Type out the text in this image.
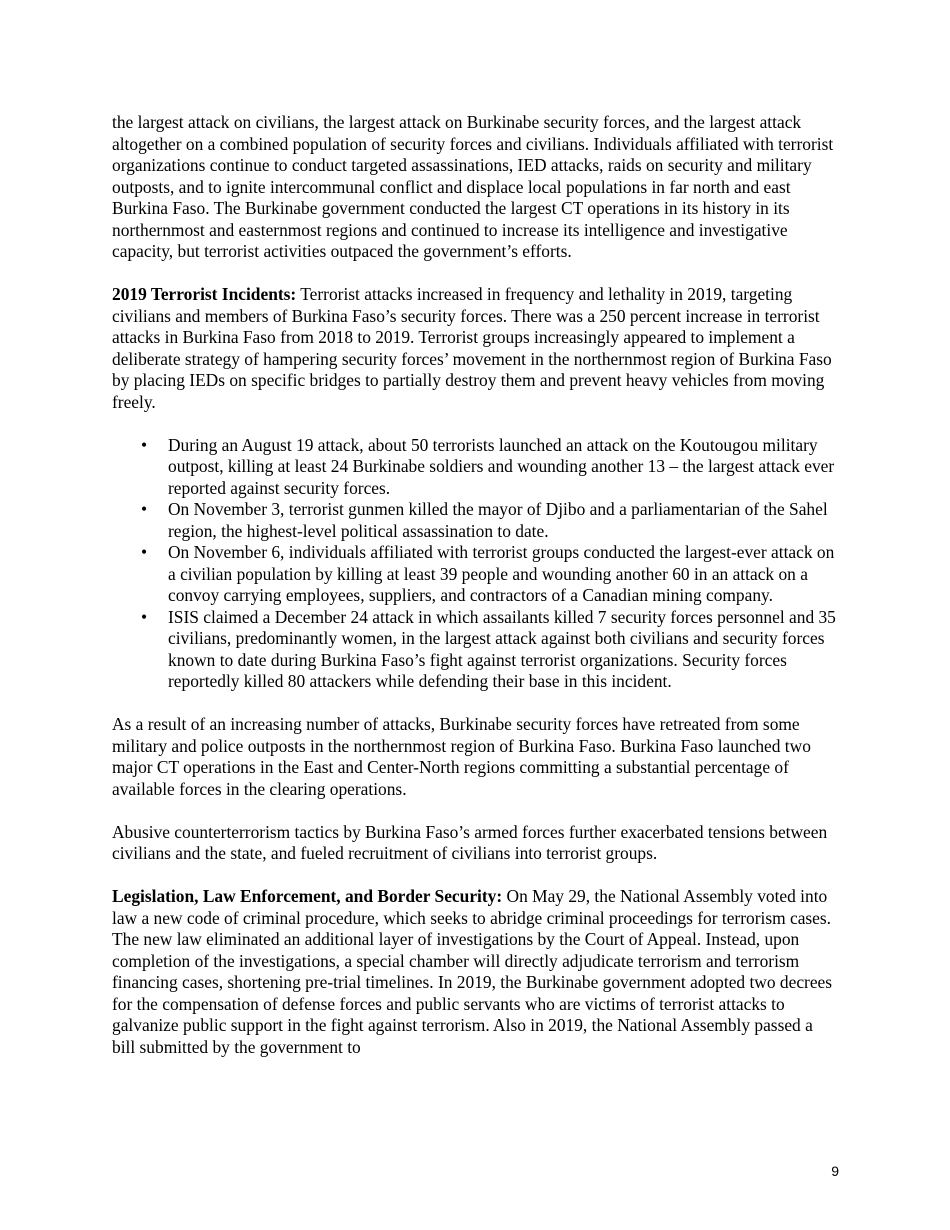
the largest attack on civilians, the largest attack on Burkinabe security forces, and the largest attack altogether on a combined population of security forces and civilians. Individuals affiliated with terrorist organizations continue to conduct targeted assassinations, IED attacks, raids on security and military outposts, and to ignite intercommunal conflict and displace local populations in far north and east Burkina Faso. The Burkinabe government conducted the largest CT operations in its history in its northernmost and easternmost regions and continued to increase its intelligence and investigative capacity, but terrorist activities outpaced the government’s efforts.

2019 Terrorist Incidents: Terrorist attacks increased in frequency and lethality in 2019, targeting civilians and members of Burkina Faso’s security forces. There was a 250 percent increase in terrorist attacks in Burkina Faso from 2018 to 2019. Terrorist groups increasingly appeared to implement a deliberate strategy of hampering security forces’ movement in the northernmost region of Burkina Faso by placing IEDs on specific bridges to partially destroy them and prevent heavy vehicles from moving freely.

• During an August 19 attack, about 50 terrorists launched an attack on the Koutougou military outpost, killing at least 24 Burkinabe soldiers and wounding another 13 – the largest attack ever reported against security forces.
• On November 3, terrorist gunmen killed the mayor of Djibo and a parliamentarian of the Sahel region, the highest-level political assassination to date.
• On November 6, individuals affiliated with terrorist groups conducted the largest-ever attack on a civilian population by killing at least 39 people and wounding another 60 in an attack on a convoy carrying employees, suppliers, and contractors of a Canadian mining company.
• ISIS claimed a December 24 attack in which assailants killed 7 security forces personnel and 35 civilians, predominantly women, in the largest attack against both civilians and security forces known to date during Burkina Faso’s fight against terrorist organizations. Security forces reportedly killed 80 attackers while defending their base in this incident.

As a result of an increasing number of attacks, Burkinabe security forces have retreated from some military and police outposts in the northernmost region of Burkina Faso. Burkina Faso launched two major CT operations in the East and Center-North regions committing a substantial percentage of available forces in the clearing operations.

Abusive counterterrorism tactics by Burkina Faso’s armed forces further exacerbated tensions between civilians and the state, and fueled recruitment of civilians into terrorist groups.

Legislation, Law Enforcement, and Border Security: On May 29, the National Assembly voted into law a new code of criminal procedure, which seeks to abridge criminal proceedings for terrorism cases. The new law eliminated an additional layer of investigations by the Court of Appeal. Instead, upon completion of the investigations, a special chamber will directly adjudicate terrorism and terrorism financing cases, shortening pre-trial timelines. In 2019, the Burkinabe government adopted two decrees for the compensation of defense forces and public servants who are victims of terrorist attacks to galvanize public support in the fight against terrorism. Also in 2019, the National Assembly passed a bill submitted by the government to

9
